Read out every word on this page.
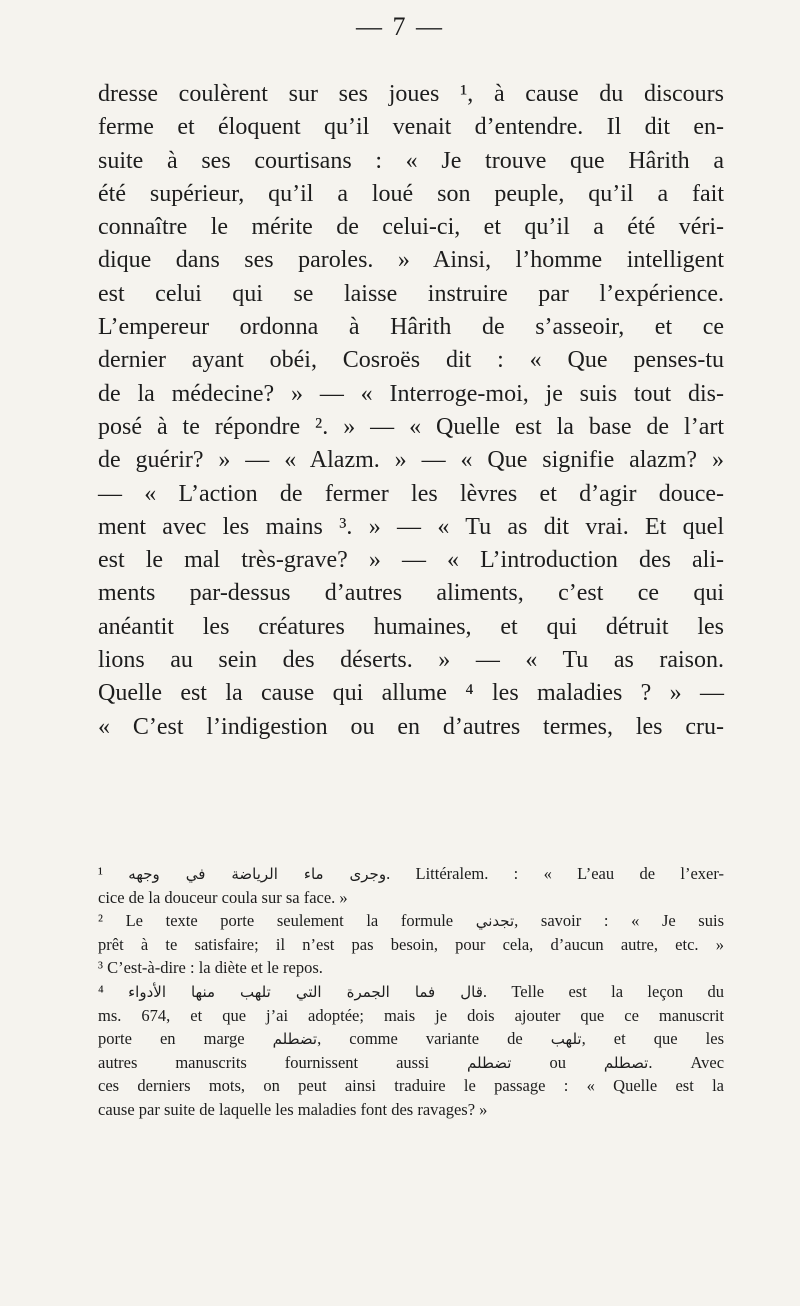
— 7 —
dresse coulèrent sur ses joues ¹, à cause du discours
ferme et éloquent qu’il venait d’entendre. Il dit en-
suite à ses courtisans : « Je trouve que Hârith a
été supérieur, qu’il a loué son peuple, qu’il a fait
connaître le mérite de celui-ci, et qu’il a été véri-
dique dans ses paroles. » Ainsi, l’homme intelligent
est celui qui se laisse instruire par l’expérience.
L’empereur ordonna à Hârith de s’asseoir, et ce
dernier ayant obéi, Cosroës dit : « Que penses-tu
de la médecine? » — « Interroge-moi, je suis tout dis-
posé à te répondre ². » — « Quelle est la base de l’art
de guérir? » — « Alazm. » — « Que signifie alazm? »
— « L’action de fermer les lèvres et d’agir douce-
ment avec les mains ³. » — « Tu as dit vrai. Et quel
est le mal très-grave? » — « L’introduction des ali-
ments par-dessus d’autres aliments, c’est ce qui
anéantit les créatures humaines, et qui détruit les
lions au sein des déserts. » — « Tu as raison.
Quelle est la cause qui allume ⁴ les maladies ? » —
« C’est l’indigestion ou en d’autres termes, les cru-
¹ وجرى ماء الرياضة في وجهه. Littéralem. : « L’eau de l’exer-
cice de la douceur coula sur sa face. »
² Le texte porte seulement la formule تجدني, savoir : « Je suis
prêt à te satisfaire; il n’est pas besoin, pour cela, d’aucun autre, etc. »
³ C’est-à-dire : la diète et le repos.
⁴ قال فما الجمرة التي تلهب منها الأدواء. Telle est la leçon du
ms. 674, et que j’ai adoptée; mais je dois ajouter que ce manuscrit
porte en marge تضطلم, comme variante de تلهب, et que les
autres manuscrits fournissent aussi	تضطلم ou	تصطلم. Avec
ces derniers mots, on peut ainsi traduire le passage : « Quelle est la
cause par suite de laquelle les maladies font des ravages? »
